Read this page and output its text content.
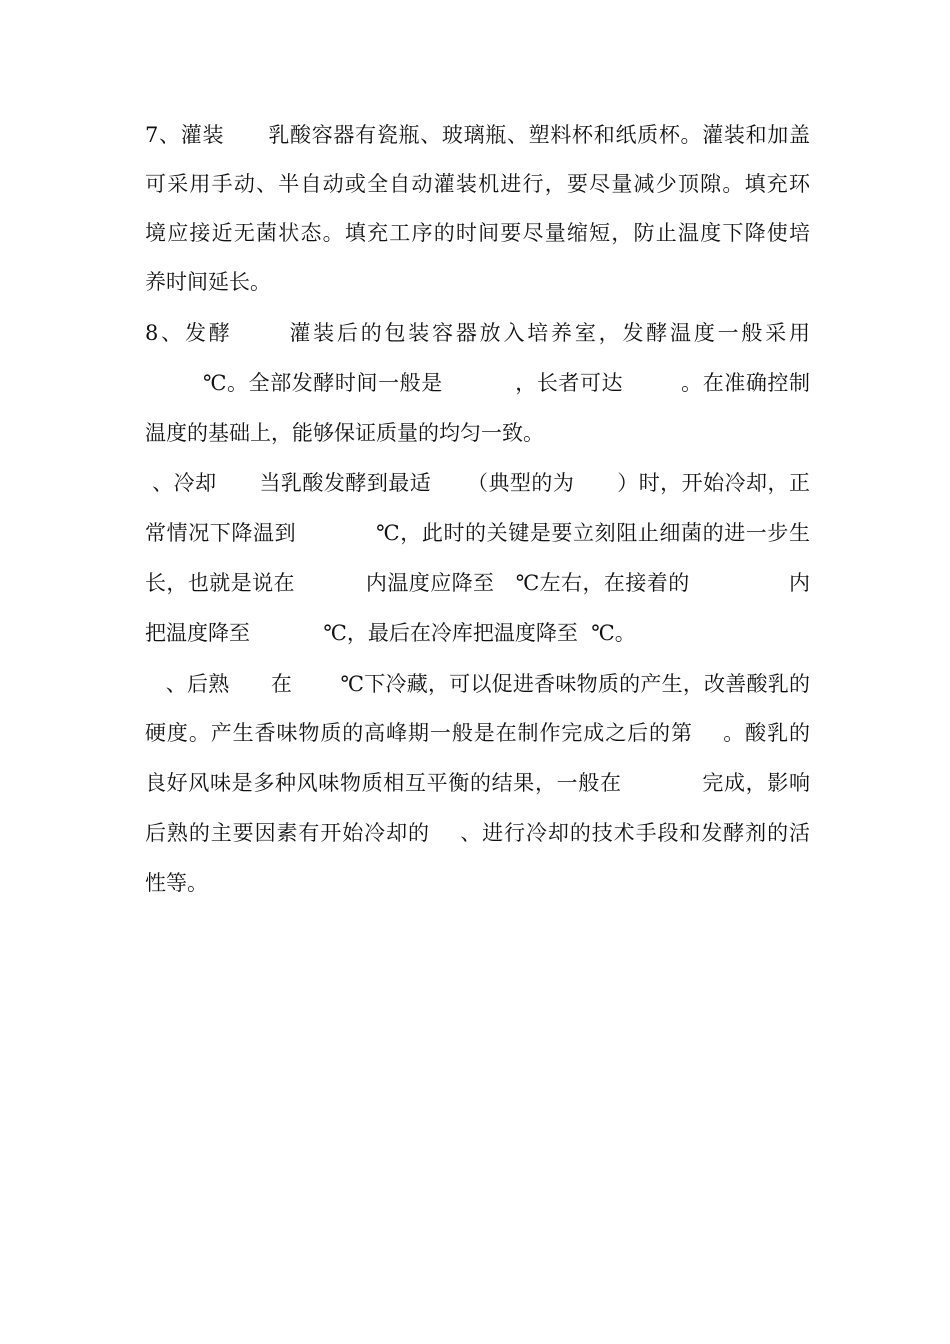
7、灌装      乳酸容器有瓷瓶、玻璃瓶、塑料杯和纸质杯。灌装和加盖
可采用手动、半自动或全自动灌装机进行，要尽量减少顶隙。填充环
境应接近无菌状态。填充工序的时间要尽量缩短，防止温度下降使培
养时间延长。
8、发酵      灌装后的包装容器放入培养室，发酵温度一般采用
℃。全部发酵时间一般是          ，长者可达        。在准确控制
温度的基础上，能够保证质量的均匀一致。
、冷却      当乳酸发酵到最适     （典型的为      ）时，开始冷却，正
常情况下降温到           ℃，此时的关键是要立刻阻止细菌的进一步生
长，也就是说在          内温度应降至   ℃左右，在接着的              内
把温度降至           ℃，最后在冷库把温度降至  ℃。
、后熟      在       ℃下冷藏，可以促进香味物质的产生，改善酸乳的
硬度。产生香味物质的高峰期一般是在制作完成之后的第    。酸乳的
良好风味是多种风味物质相互平衡的结果，一般在           完成，影响
后熟的主要因素有开始冷却的    、进行冷却的技术手段和发酵剂的活
性等。
